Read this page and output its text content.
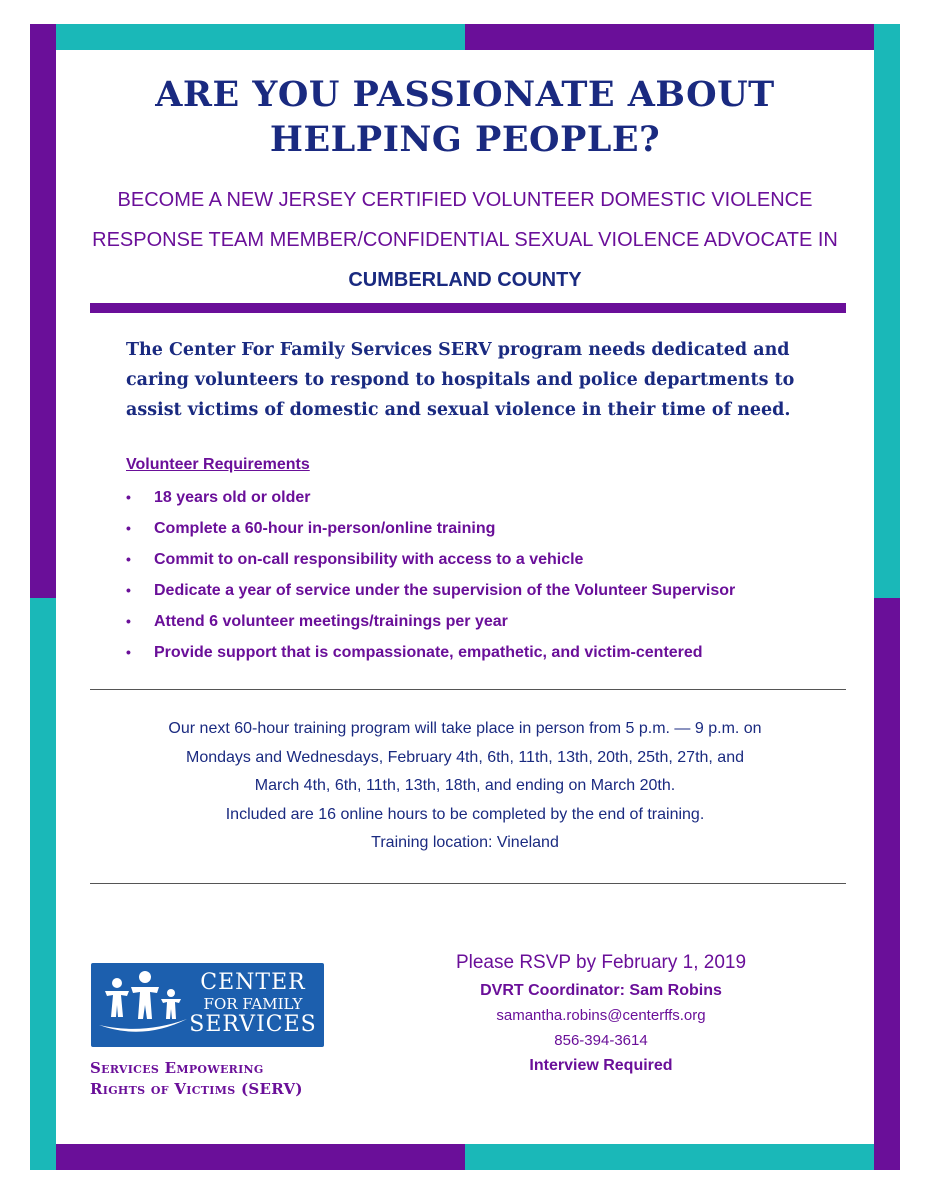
ARE YOU PASSIONATE ABOUT
HELPING PEOPLE?

BECOME A NEW JERSEY CERTIFIED VOLUNTEER DOMESTIC VIOLENCE
RESPONSE TEAM MEMBER/CONFIDENTIAL SEXUAL VIOLENCE ADVOCATE IN

CUMBERLAND COUNTY

The Center For Family Services SERV program needs dedicated and
caring volunteers to respond to hospitals and police departments to
assist victims of domestic and sexual violence in their time of need.

Volunteer Requirements

• 18 years old or older
• Complete a 60-hour in-person/online training
• Commit to on-call responsibility with access to a vehicle
• Dedicate a year of service under the supervision of the Volunteer Supervisor
• Attend 6 volunteer meetings/trainings per year
• Provide support that is compassionate, empathetic, and victim-centered

Our next 60-hour training program will take place in person from 5 p.m. — 9 p.m. on

Mondays and Wednesdays, February 4th, 6th, 11th, 13th, 20th, 25th, 27th, and

March 4th, 6th, 11th, 13th, 18th, and ending on March 20th.

Included are 16 online hours to be completed by the end of training.

Training location: Vineland

CENTER
FOR FAMILY
SERVICES

Services Empowering
Rights of Victims (SERV)

Please RSVP by February 1, 2019
DVRT Coordinator: Sam Robins
samantha.robins@centerffs.org
856-394-3614
Interview Required
